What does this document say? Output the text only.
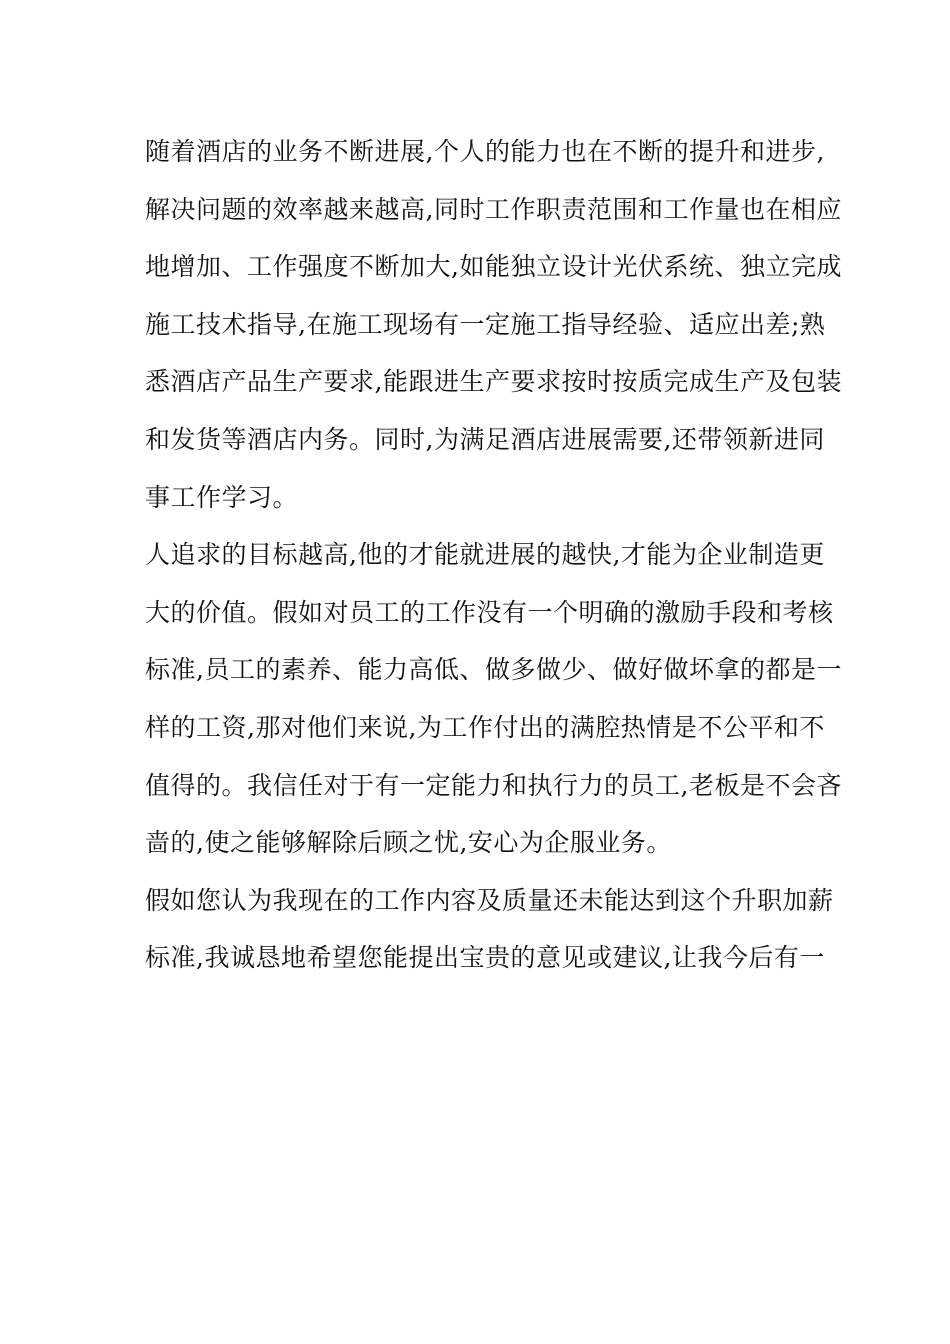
随着酒店的业务不断进展,个人的能力也在不断的提升和进步,
解决问题的效率越来越高,同时工作职责范围和工作量也在相应
地增加、工作强度不断加大,如能独立设计光伏系统、独立完成
施工技术指导,在施工现场有一定施工指导经验、适应出差;熟
悉酒店产品生产要求,能跟进生产要求按时按质完成生产及包装
和发货等酒店内务。同时,为满足酒店进展需要,还带领新进同
事工作学习。
人追求的目标越高,他的才能就进展的越快,才能为企业制造更
大的价值。假如对员工的工作没有一个明确的激励手段和考核
标准,员工的素养、能力高低、做多做少、做好做坏拿的都是一
样的工资,那对他们来说,为工作付出的满腔热情是不公平和不
值得的。我信任对于有一定能力和执行力的员工,老板是不会吝
啬的,使之能够解除后顾之忧,安心为企服业务。
假如您认为我现在的工作内容及质量还未能达到这个升职加薪
标准,我诚恳地希望您能提出宝贵的意见或建议,让我今后有一
